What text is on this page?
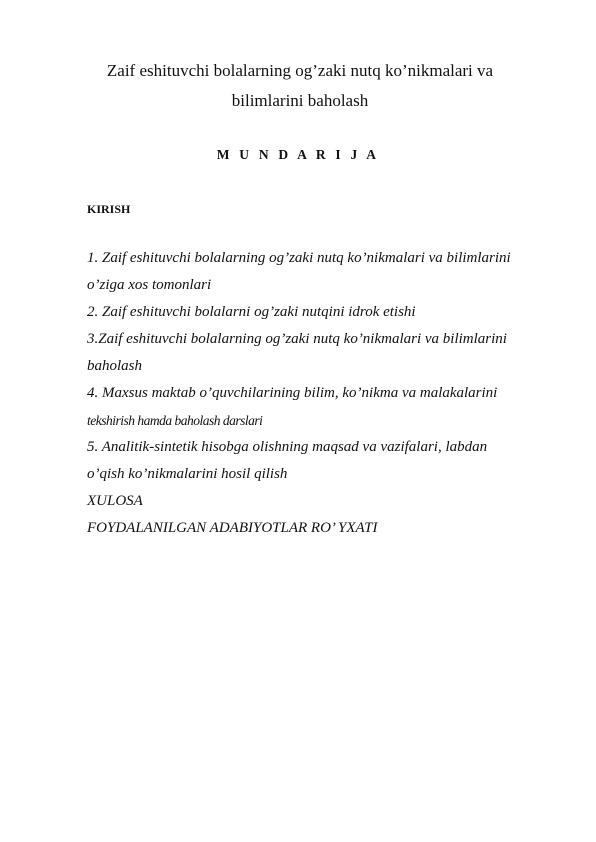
Zaif eshituvchi bolalarning og’zaki nutq ko’nikmalari va
bilimlarini baholash
M U N D A R I J A
KIRISH
1. Zaif eshituvchi bolalarning og’zaki nutq ko’nikmalari va bilimlarini
o’ziga xos tomonlari
2. Zaif eshituvchi bolalarni og’zaki nutqini idrok etishi
3.Zaif eshituvchi bolalarning og’zaki nutq ko’nikmalari va bilimlarini
baholash
4. Maxsus maktab o’quvchilarining bilim, ko’nikma va malakalarini
tekshirish hamda baholash darslari
5. Analitik-sintetik hisobga olishning maqsad va vazifalari, labdan
o’qish ko’nikmalarini hosil qilish
XULOSA
FOYDALANILGAN ADABIYOTLAR RO’ YXATI
